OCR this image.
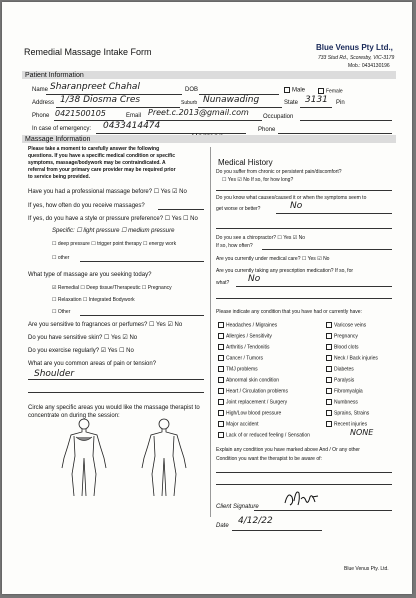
Remedial Massage Intake Form	Blue Venus Pty Ltd.,
733 Stud Rd., Scoresby, VIC-3179
Mob.: 0434130196
Patient Information
Name Sharanpreet Chahal	DOB	Male	Female
Address 1/38 Diosma Cres	Suburb Nunawading	State 3131 Pin
Phone 0421500105	Email Preet.c.2013@gmail.com Occupation
In case of emergency: 0433414474	Phone
Massage Information
Please take a moment to carefully answer the following
questions. If you have a specific medical condition or specific
symptoms, massage/bodywork may be contraindicated. A
referral from your primary care provider may be required prior
to service being provided.
Have you had a professional massage before? ☐ Yes ☑ No
If yes, how often do you receive massages?
If yes, do you have a style or pressure preference? ☐ Yes ☐ No
Specific: ☐ light pressure ☐ medium pressure
☐ deep pressure ☐ trigger point therapy ☐ energy work
☐ other
What type of massage are you seeking today?
☑ Remedial ☐ Deep tissue/Therapeutic ☐ Pregnancy
☐ Relaxation ☐ Integrated Bodywork
☐ Other
Are you sensitive to fragrances or perfumes? ☐ Yes ☑ No
Do you have sensitive skin? ☐ Yes ☑ No
Do you exercise regularly? ☑ Yes ☐ No
What are you common areas of pain or tension?
Shoulder
Circle any specific areas you would like the massage therapist to
concentrate on during the session:
Medical History
Do you suffer from chronic or persistent pain/discomfort?
☐ Yes ☑ No If so, for how long?
Do you know what causes/caused it or when the symptoms seem to
get worse or better?	No
Do you see a chiropractor? ☐ Yes ☑ No
If so, how often?
Are you currently under medical care? ☐ Yes ☑ No
Are you currently taking any prescription medication? If so, for
what? No
Please indicate any condition that you have had or currently have:
Headaches / Migraines
Allergies / Sensitivity
Arthritis / Tendonitis
Cancer / Tumors
TMJ problems
Abnormal skin condition
Heart / Circulation problems
Joint replacement / Surgery
High/Low blood pressure
Major accident
Lack of or reduced feeling / Sensation
Varicose veins
Pregnancy
Blood clots
Neck / Back injuries
Diabetes
Paralysis
Fibromyalgia
Numbness
Sprains, Strains
Recent injuries
NONE
Explain any condition you have marked above And / Or any other
Condition you want the therapist to be aware of:
Client Signature
Date 4/12/22
Blue Venus Pty. Ltd.
